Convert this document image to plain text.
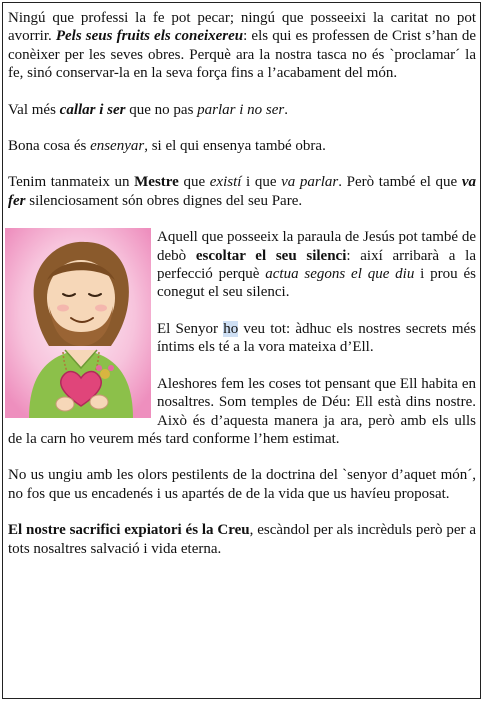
Ningú que professi la fe pot pecar; ningú que posseeixi la caritat no pot avorrir. Pels seus fruits els coneixereu: els qui es professen de Crist s’han de conèixer per les seves obres. Perquè ara la nostra tasca no és `proclamar´ la fe, sinó conservar-la en la seva força fins a l’acabament del món.

Val més callar i ser que no pas parlar i no ser.

Bona cosa és ensenyar, si el qui ensenya també obra.

Tenim tanmateix un Mestre que existí i que va parlar. Però també el que va fer silenciosament són obres dignes del seu Pare.

Aquell que posseeix la paraula de Jesús pot també de debò escoltar el seu silenci: així arribarà a la perfecció perquè actua segons el que diu i prou és conegut el seu silenci.

El Senyor ho veu tot: àdhuc els nostres secrets més íntims els té a la vora mateixa d’Ell.

Aleshores fem les coses tot pensant que Ell habita en nosaltres. Som temples de Déu: Ell està dins nostre. Això és d’aquesta manera ja ara, però amb els ulls de la carn ho veurem més tard conforme l’hem estimat.

No us ungiu amb les olors pestilents de la doctrina del `senyor d’aquet món´, no fos que us encadenés i us apartés de de la vida que us havíeu proposat.

El nostre sacrifici expiatori és la Creu, escàndol per als incrèduls però per a tots nosaltres salvació i vida eterna.
